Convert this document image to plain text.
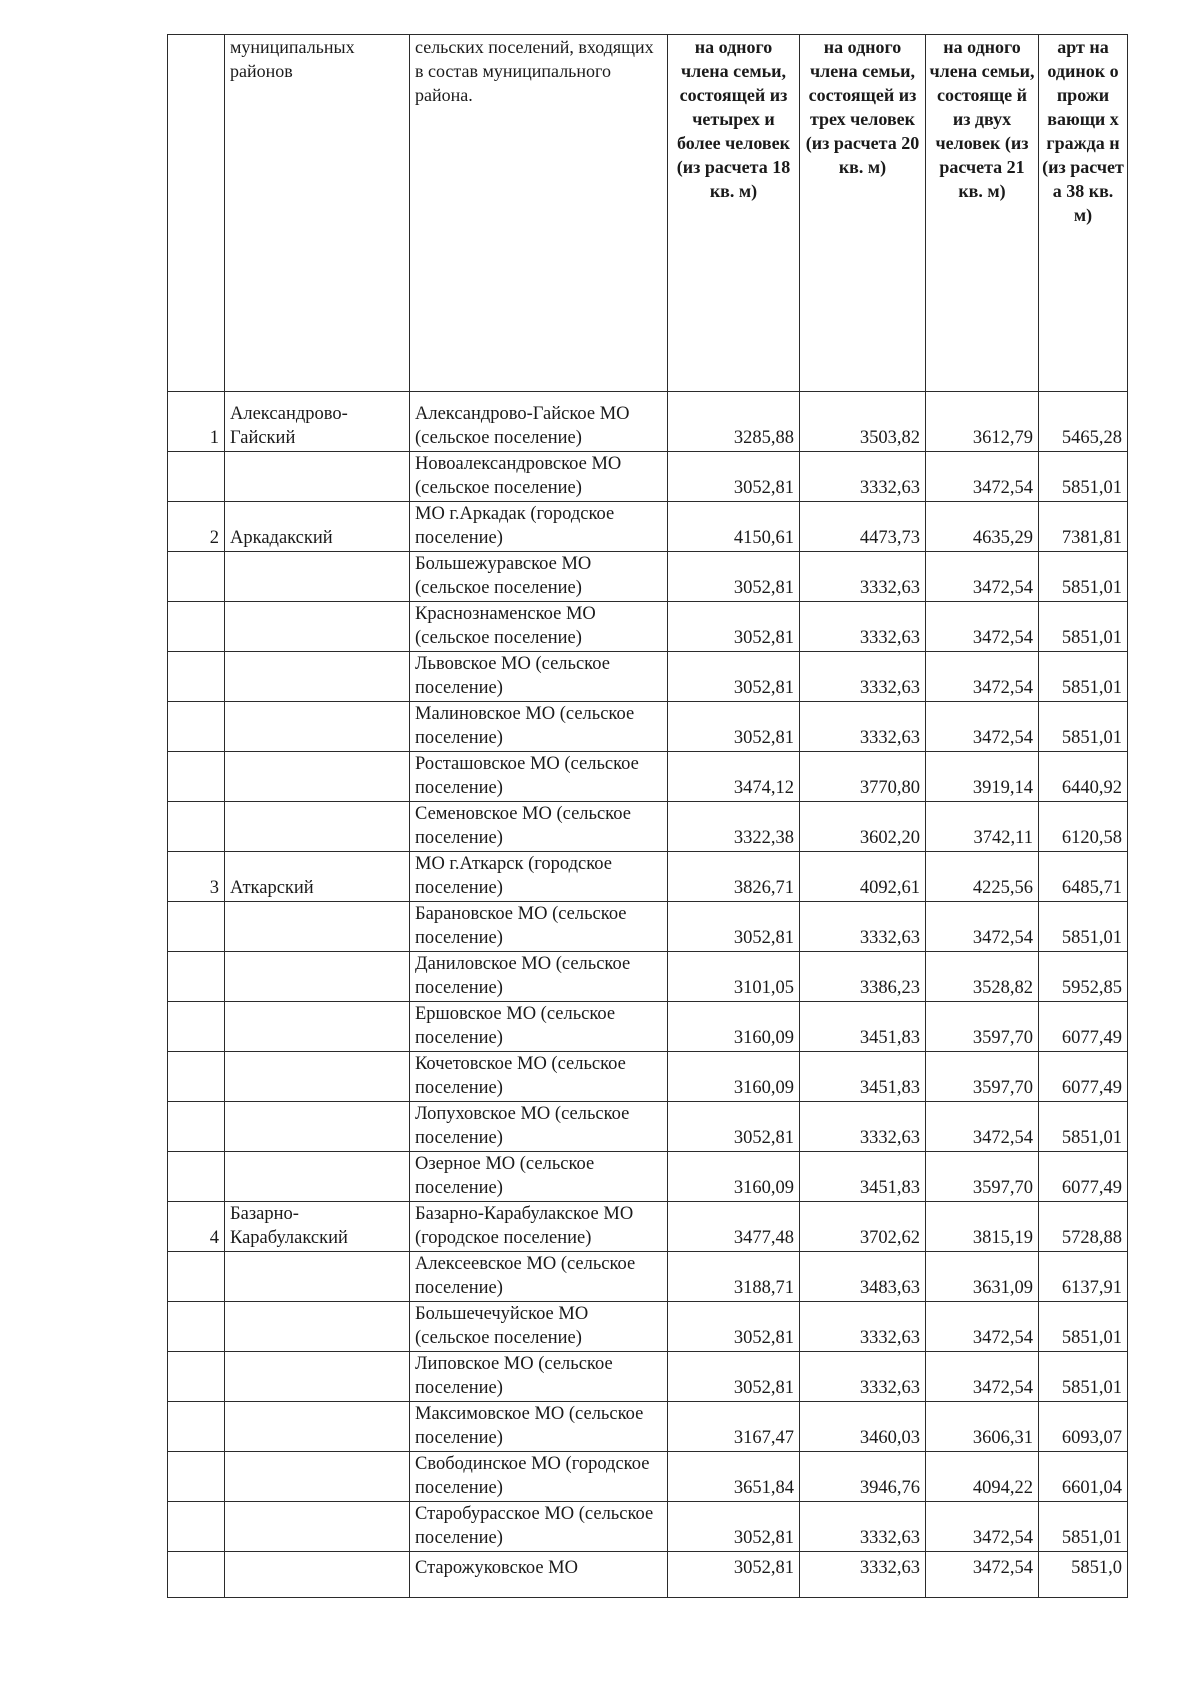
	муниципальных районов	сельских поселений, входящих в состав муниципального района.	на одного члена семьи, состоящей из четырех и более человек (из расчета 18 кв. м)	на одного члена семьи, состоящей из трех человек (из расчета 20 кв. м)	на одного члена семьи, состояще й из двух человек (из расчета 21 кв. м)	арт на одинок о прожи вающи х гражда н (из расчет а 38 кв. м)
1	Александрово-Гайский	Александрово-Гайское МО (сельское поселение)	3285,88	3503,82	3612,79	5465,28
		Новоалександровское МО (сельское поселение)	3052,81	3332,63	3472,54	5851,01
2	Аркадакский	МО г.Аркадак (городское поселение)	4150,61	4473,73	4635,29	7381,81
		Большежуравское МО (сельское поселение)	3052,81	3332,63	3472,54	5851,01
		Краснознаменское МО (сельское поселение)	3052,81	3332,63	3472,54	5851,01
		Львовское МО (сельское поселение)	3052,81	3332,63	3472,54	5851,01
		Малиновское МО (сельское поселение)	3052,81	3332,63	3472,54	5851,01
		Росташовское МО (сельское поселение)	3474,12	3770,80	3919,14	6440,92
		Семеновское МО (сельское поселение)	3322,38	3602,20	3742,11	6120,58
3	Аткарский	МО г.Аткарск (городское поселение)	3826,71	4092,61	4225,56	6485,71
		Барановское МО (сельское поселение)	3052,81	3332,63	3472,54	5851,01
		Даниловское МО (сельское поселение)	3101,05	3386,23	3528,82	5952,85
		Ершовское МО (сельское поселение)	3160,09	3451,83	3597,70	6077,49
		Кочетовское МО (сельское поселение)	3160,09	3451,83	3597,70	6077,49
		Лопуховское МО (сельское поселение)	3052,81	3332,63	3472,54	5851,01
		Озерное МО (сельское поселение)	3160,09	3451,83	3597,70	6077,49
4	Базарно-Карабулакский	Базарно-Карабулакское МО (городское поселение)	3477,48	3702,62	3815,19	5728,88
		Алексеевское МО (сельское поселение)	3188,71	3483,63	3631,09	6137,91
		Большечечуйское МО (сельское поселение)	3052,81	3332,63	3472,54	5851,01
		Липовское МО (сельское поселение)	3052,81	3332,63	3472,54	5851,01
		Максимовское МО (сельское поселение)	3167,47	3460,03	3606,31	6093,07
		Свободинское МО (городское поселение)	3651,84	3946,76	4094,22	6601,04
		Старобурасское МО (сельское поселение)	3052,81	3332,63	3472,54	5851,01
		Старожуковское МО	3052,81	3332,63	3472,54	5851,0
